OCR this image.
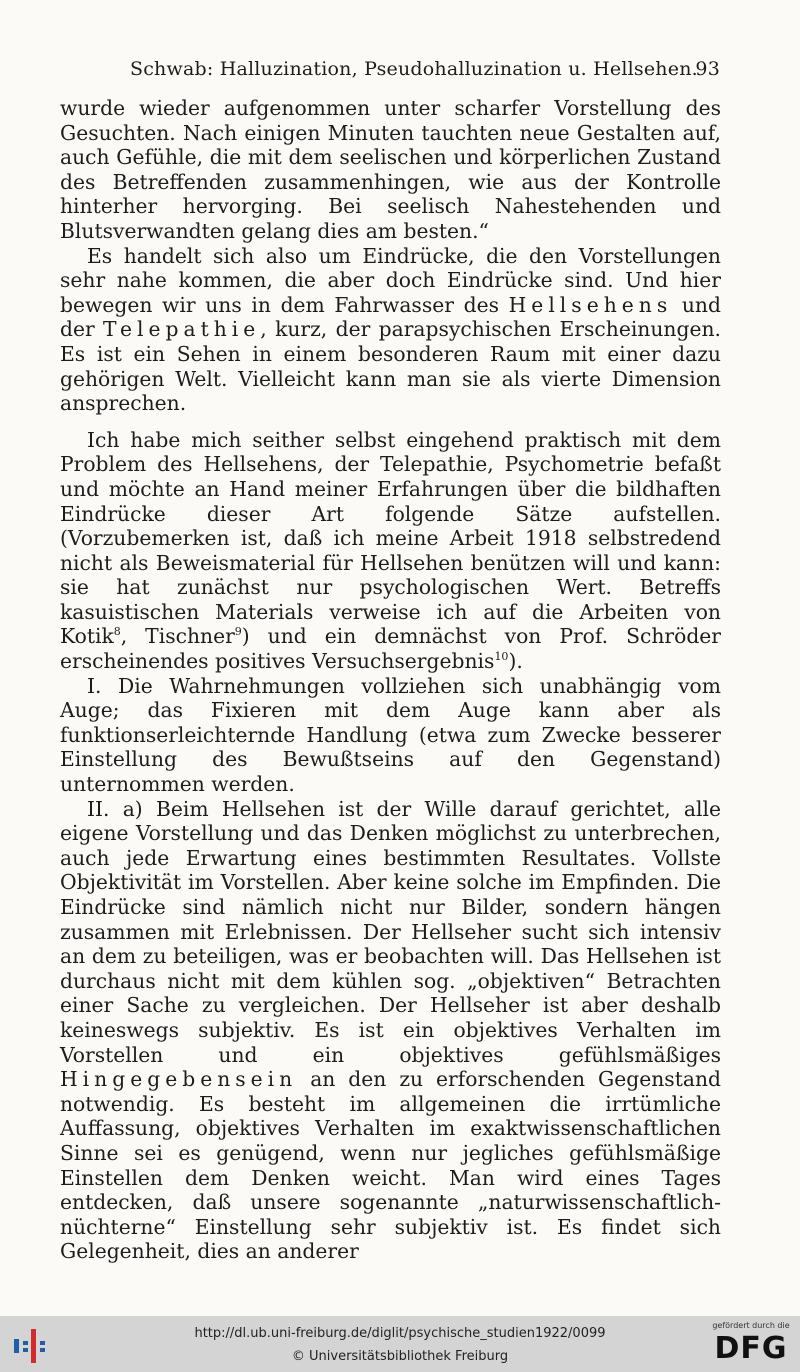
Schwab: Halluzination, Pseudohalluzination u. Hellsehen.
93

wurde wieder aufgenommen unter scharfer Vorstellung des Gesuchten. Nach einigen Minuten tauchten neue Gestalten auf, auch Gefühle, die mit dem seelischen und körperlichen Zustand des Betreffenden zusammenhingen, wie aus der Kontrolle hinterher hervorging. Bei seelisch Nahestehenden und Blutsverwandten gelang dies am besten.“

Es handelt sich also um Eindrücke, die den Vorstellungen sehr nahe kommen, die aber doch Eindrücke sind. Und hier bewegen wir uns in dem Fahrwasser des Hellsehens und der Telepathie, kurz, der parapsychischen Erscheinungen. Es ist ein Sehen in einem besonderen Raum mit einer dazu gehörigen Welt. Vielleicht kann man sie als vierte Dimension ansprechen.

Ich habe mich seither selbst eingehend praktisch mit dem Problem des Hellsehens, der Telepathie, Psychometrie befaßt und möchte an Hand meiner Erfahrungen über die bildhaften Eindrücke dieser Art folgende Sätze aufstellen. (Vorzubemerken ist, daß ich meine Arbeit 1918 selbstredend nicht als Beweismaterial für Hellsehen benützen will und kann: sie hat zunächst nur psychologischen Wert. Betreffs kasuistischen Materials verweise ich auf die Arbeiten von Kotik$^8$, Tischner$^9$) und ein demnächst von Prof. Schröder erscheinendes positives Versuchsergebnis$^{10}$).

I. Die Wahrnehmungen vollziehen sich unabhängig vom Auge; das Fixieren mit dem Auge kann aber als funktionserleichternde Handlung (etwa zum Zwecke besserer Einstellung des Bewußtseins auf den Gegenstand) unternommen werden.

II. a) Beim Hellsehen ist der Wille darauf gerichtet, alle eigene Vorstellung und das Denken möglichst zu unterbrechen, auch jede Erwartung eines bestimmten Resultates. Vollste Objektivität im Vorstellen. Aber keine solche im Empfinden. Die Eindrücke sind nämlich nicht nur Bilder, sondern hängen zusammen mit Erlebnissen. Der Hellseher sucht sich intensiv an dem zu beteiligen, was er beobachten will. Das Hellsehen ist durchaus nicht mit dem kühlen sog. „objektiven“ Betrachten einer Sache zu vergleichen. Der Hellseher ist aber deshalb keineswegs subjektiv. Es ist ein objektives Verhalten im Vorstellen und ein objektives gefühlsmäßiges Hingegebensein an den zu erforschenden Gegenstand notwendig. Es besteht im allgemeinen die irrtümliche Auffassung, objektives Verhalten im exaktwissenschaftlichen Sinne sei es genügend, wenn nur jegliches gefühlsmäßige Einstellen dem Denken weicht. Man wird eines Tages entdecken, daß unsere sogenannte „naturwissenschaftlich-nüchterne“ Einstellung sehr subjektiv ist. Es findet sich Gelegenheit, dies an anderer

http://dl.ub.uni-freiburg.de/diglit/psychische_studien1922/0099
© Universitätsbibliothek Freiburg
gefördert durch die
DFG
